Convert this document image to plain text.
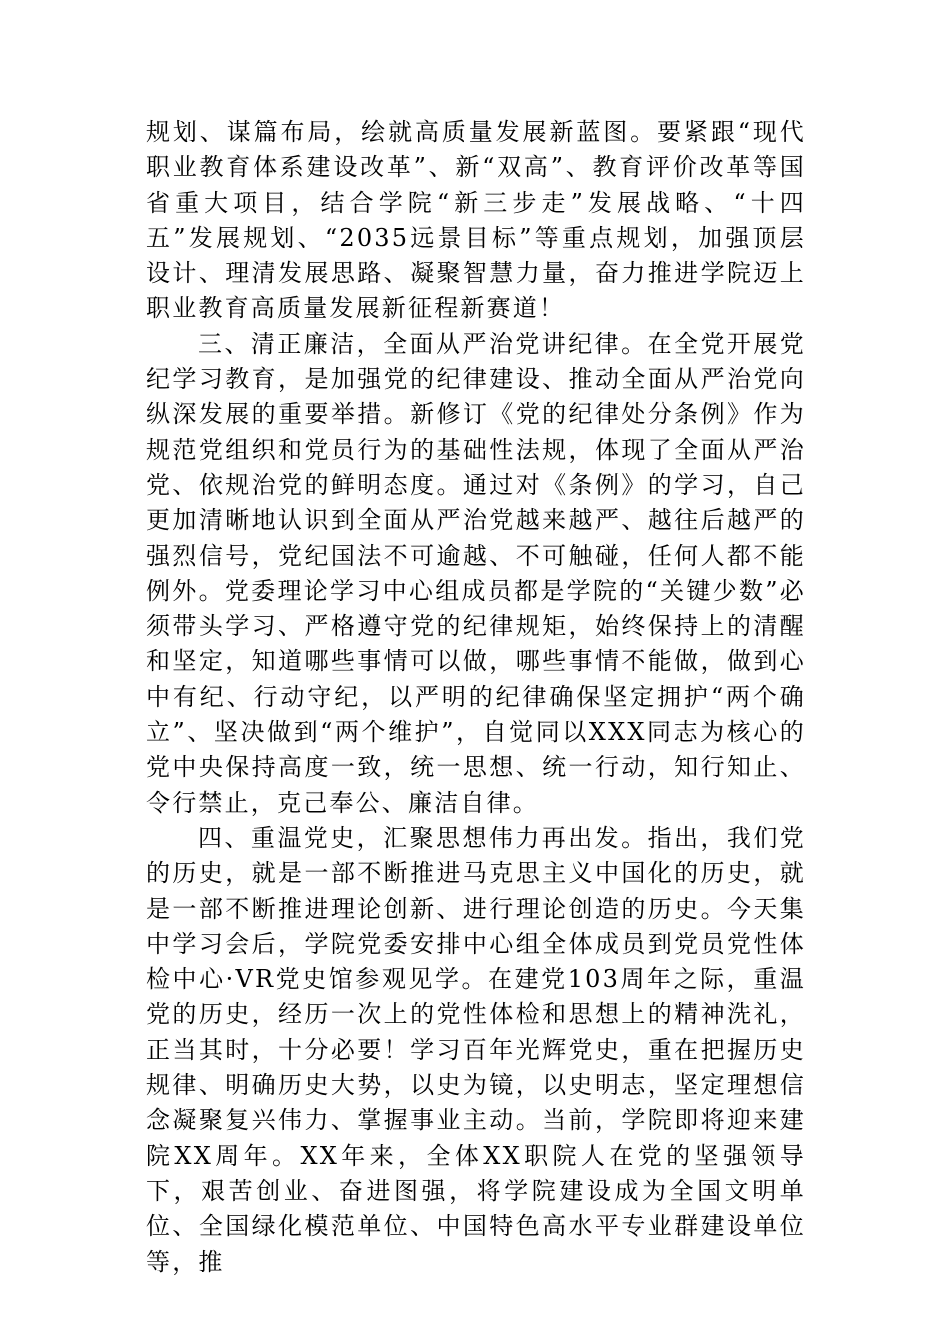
规划、谋篇布局，绘就高质量发展新蓝图。要紧跟“现代职业教育体系建设改革”、新“双高”、教育评价改革等国省重大项目，结合学院“新三步走”发展战略、“十四五”发展规划、“2035远景目标”等重点规划，加强顶层设计、理清发展思路、凝聚智慧力量，奋力推进学院迈上职业教育高质量发展新征程新赛道！

三、清正廉洁，全面从严治党讲纪律。在全党开展党纪学习教育，是加强党的纪律建设、推动全面从严治党向纵深发展的重要举措。新修订《党的纪律处分条例》作为规范党组织和党员行为的基础性法规，体现了全面从严治党、依规治党的鲜明态度。通过对《条例》的学习，自己更加清晰地认识到全面从严治党越来越严、越往后越严的强烈信号，党纪国法不可逾越、不可触碰，任何人都不能例外。党委理论学习中心组成员都是学院的“关键少数”必须带头学习、严格遵守党的纪律规矩，始终保持上的清醒和坚定，知道哪些事情可以做，哪些事情不能做，做到心中有纪、行动守纪，以严明的纪律确保坚定拥护“两个确立”、坚决做到“两个维护”，自觉同以XXX同志为核心的党中央保持高度一致，统一思想、统一行动，知行知止、令行禁止，克己奉公、廉洁自律。

四、重温党史，汇聚思想伟力再出发。指出，我们党的历史，就是一部不断推进马克思主义中国化的历史，就是一部不断推进理论创新、进行理论创造的历史。今天集中学习会后，学院党委安排中心组全体成员到党员党性体检中心·VR党史馆参观见学。在建党103周年之际，重温党的历史，经历一次上的党性体检和思想上的精神洗礼，正当其时，十分必要！学习百年光辉党史，重在把握历史规律、明确历史大势，以史为镜，以史明志，坚定理想信念凝聚复兴伟力、掌握事业主动。当前，学院即将迎来建院XX周年。XX年来，全体XX职院人在党的坚强领导下，艰苦创业、奋进图强，将学院建设成为全国文明单位、全国绿化模范单位、中国特色高水平专业群建设单位等，推
